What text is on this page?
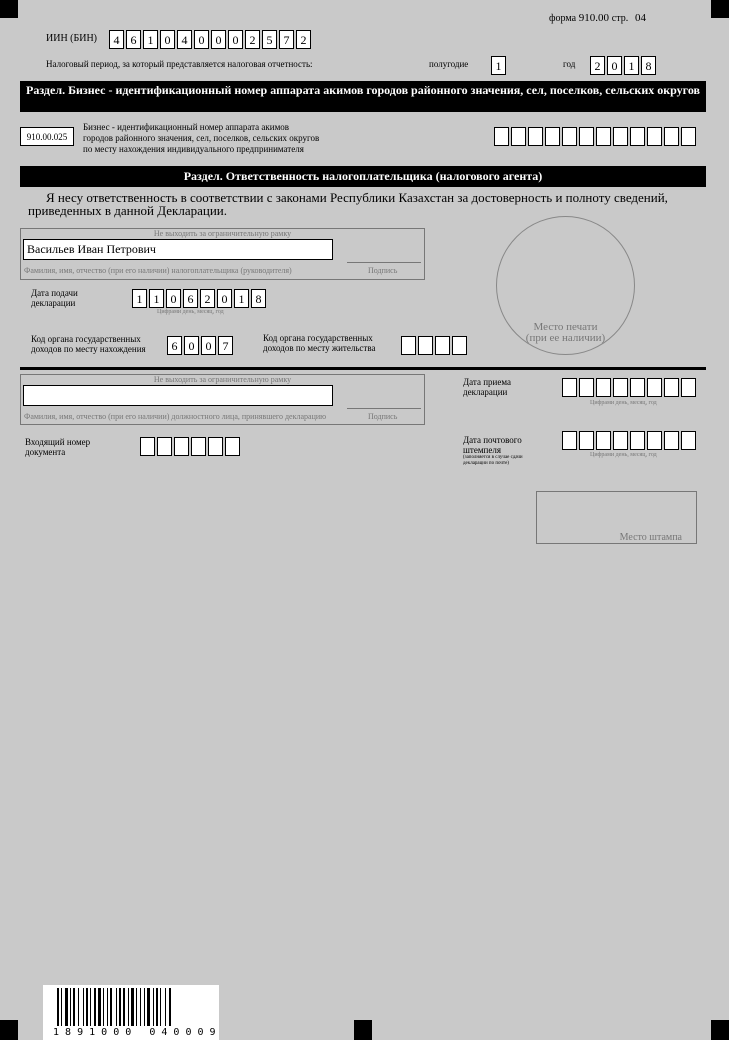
форма 910.00 стр. 04
ИИН (БИН)	4 6 1 0 4 0 0 0 2 5 7 2
Налоговый период, за который представляется налоговая отчетность:	полугодие	1	год	2 0 1 8
Раздел. Бизнес - идентификационный номер аппарата акимов городов районного значения, сел, поселков, сельских округов
910.00.025
Бизнес - идентификационный номер аппарата акимов
городов районного значения, сел, поселков, сельских округов
по месту нахождения индивидуального предпринимателя
Раздел. Ответственность налогоплательщика (налогового агента)
Я несу ответственность в соответствии с законами Республики Казахстан за достоверность и полноту сведений,
приведенных в данной Декларации.
Не выходить за ограничительную рамку
Васильев Иван Петрович
Фамилия, имя, отчество (при его наличии) налогоплательщика (руководителя)	Подпись
Дата подачи
декларации	1 1 0 6 2 0 1 8
Цифрами день, месяц, год
Код органа государственных
доходов по месту нахождения	6 0 0 7
Код органа государственных
доходов по месту жительства
Место печати
(при ее наличии)
Не выходить за ограничительную рамку
Фамилия, имя, отчество (при его наличии) должностного лица, принявшего декларацию	Подпись
Дата приема
декларации
Цифрами день, месяц, год
Входящий номер
документа
Дата почтового
штемпеля
(заполняется в случае сдачи
декларации по почте)
Цифрами день, месяц, год
Место штампа
1 8 9 1 0 0 0   0 4 0 0 0 9
